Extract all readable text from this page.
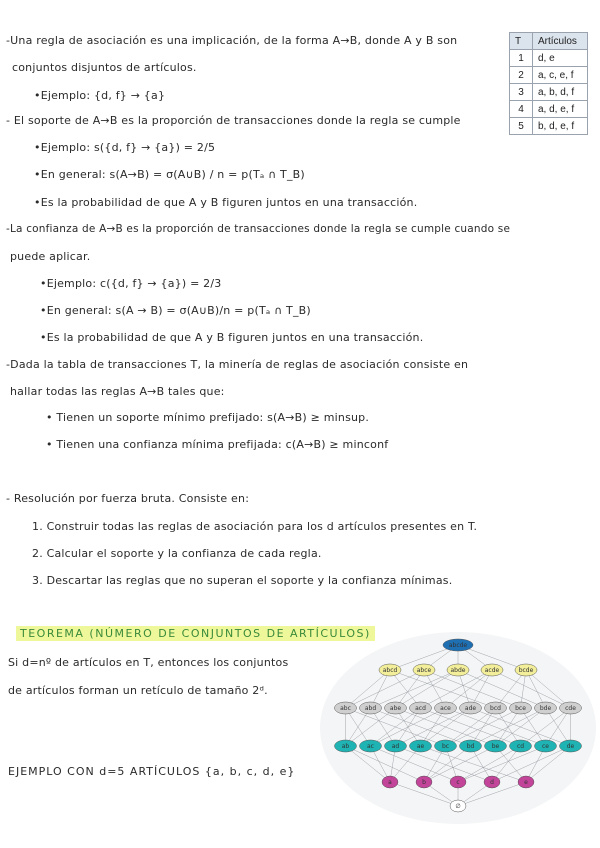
-Una regla de asociación es una implicación, de la forma A→B, donde A y B son
conjuntos disjuntos de artículos.
•Ejemplo: {d, f} → {a}
- El soporte de A→B es la proporción de transacciones donde la regla se cumple
•Ejemplo: s({d, f} → {a}) = 2/5
•En general: s(A→B) = σ(A∪B) / n = p(Tₐ ∩ T_B)
•Es la probabilidad de que A y B figuren juntos en una transacción.
-La confianza de A→B es la proporción de transacciones donde la regla se cumple cuando se
puede aplicar.
•Ejemplo: c({d, f} → {a}) = 2/3
•En general: s(A → B) = σ(A∪B)/n = p(Tₐ ∩ T_B)
•Es la probabilidad de que A y B figuren juntos en una transacción.
-Dada la tabla de transacciones T, la minería de reglas de asociación consiste en
hallar todas las reglas A→B tales que:
• Tienen un soporte mínimo prefijado: s(A→B) ≥ minsup.
• Tienen una confianza mínima prefijada: c(A→B) ≥ minconf
- Resolución por fuerza bruta. Consiste en:
1. Construir todas las reglas de asociación para los d artículos presentes en T.
2. Calcular el soporte y la confianza de cada regla.
3. Descartar las reglas que no superan el soporte y la confianza mínimas.
TEOREMA (NÚMERO DE CONJUNTOS DE ARTÍCULOS)
Si d=nº de artículos en T, entonces los conjuntos
de artículos forman un retículo de tamaño 2ᵈ.
EJEMPLO CON d=5 ARTÍCULOS {a, b, c, d, e}
T	Artículos
1	d, e
2	a, c, e, f
3	a, b, d, f
4	a, d, e, f
5	b, d, e, f
abcde
abcd	abce	abde	acde	bcde
abc abd abe acd ace ade bcd bce bde cde
ab	ac	ad	ae	bc	bd	be	cd	ce	de
a	b	c	d	e
∅
